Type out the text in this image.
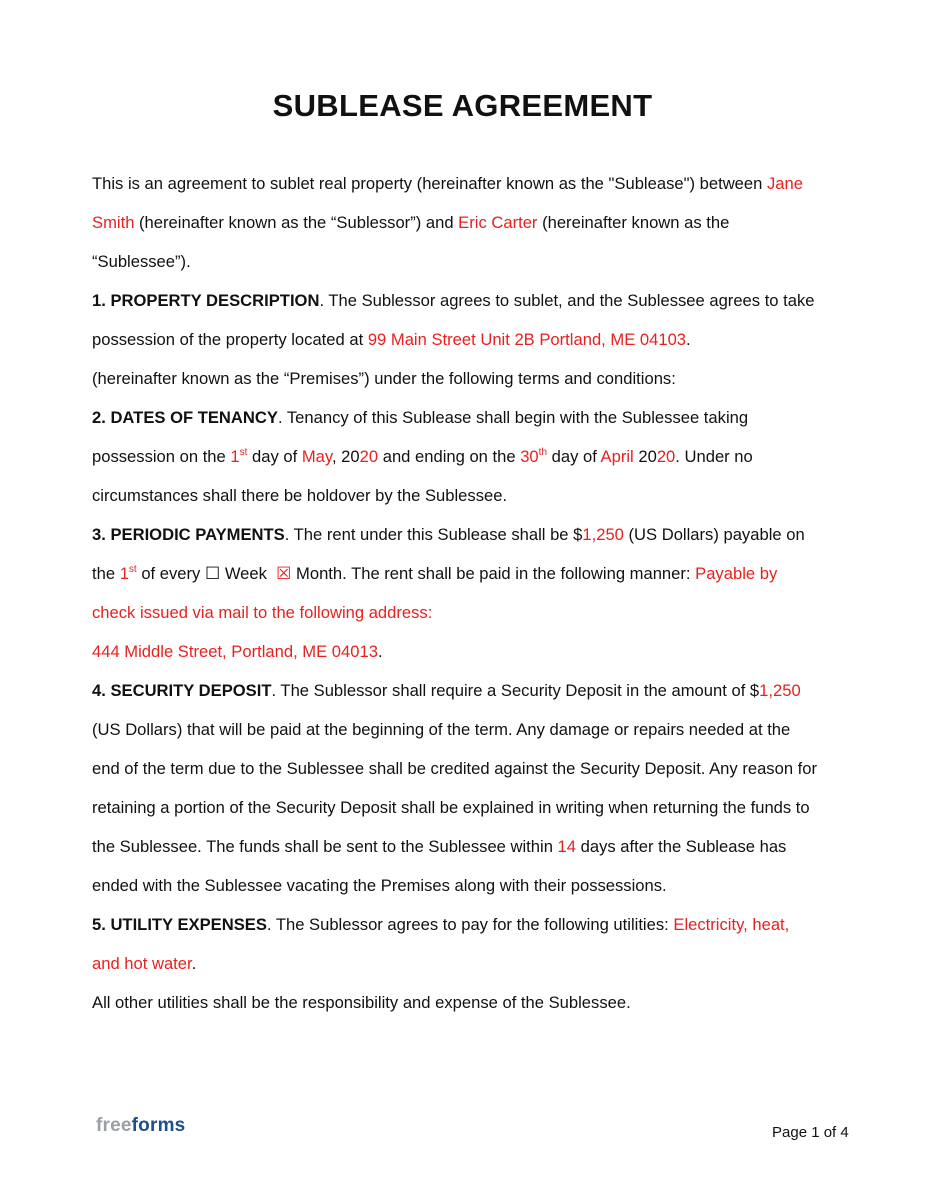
SUBLEASE AGREEMENT

This is an agreement to sublet real property (hereinafter known as the "Sublease") between Jane
Smith (hereinafter known as the “Sublessor”) and Eric Carter (hereinafter known as the
“Sublessee”).

1. PROPERTY DESCRIPTION. The Sublessor agrees to sublet, and the Sublessee agrees to take
possession of the property located at 99 Main Street Unit 2B Portland, ME 04103.
(hereinafter known as the “Premises”) under the following terms and conditions:

2. DATES OF TENANCY. Tenancy of this Sublease shall begin with the Sublessee taking
possession on the 1st day of May, 2020 and ending on the 30th day of April 2020. Under no
circumstances shall there be holdover by the Sublessee.

3. PERIODIC PAYMENTS. The rent under this Sublease shall be $1,250 (US Dollars) payable on
the 1st of every ☐ Week  ☒ Month. The rent shall be paid in the following manner: Payable by
check issued via mail to the following address:
444 Middle Street, Portland, ME 04013.

4. SECURITY DEPOSIT. The Sublessor shall require a Security Deposit in the amount of $1,250
(US Dollars) that will be paid at the beginning of the term. Any damage or repairs needed at the
end of the term due to the Sublessee shall be credited against the Security Deposit. Any reason for
retaining a portion of the Security Deposit shall be explained in writing when returning the funds to
the Sublessee. The funds shall be sent to the Sublessee within 14 days after the Sublease has
ended with the Sublessee vacating the Premises along with their possessions.

5. UTILITY EXPENSES. The Sublessor agrees to pay for the following utilities: Electricity, heat,
and hot water.
All other utilities shall be the responsibility and expense of the Sublessee.

freeforms	Page 1 of 4
